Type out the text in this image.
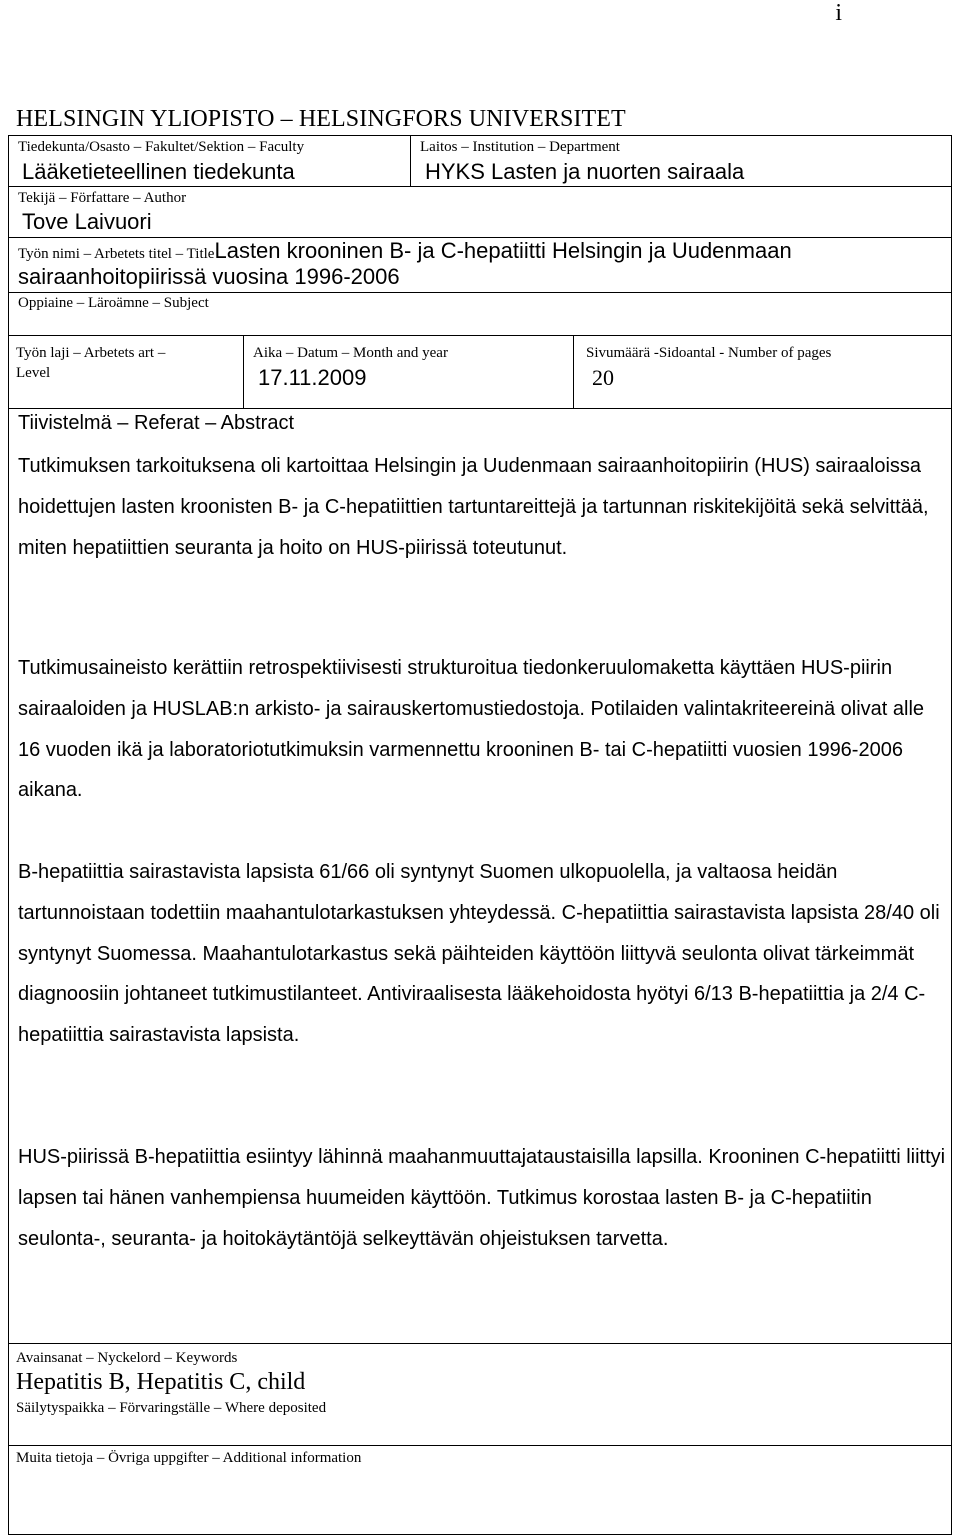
i
HELSINGIN YLIOPISTO – HELSINGFORS UNIVERSITET
Tiedekunta/Osasto – Fakultet/Sektion – Faculty
Lääketieteellinen tiedekunta
Laitos – Institution – Department
HYKS Lasten ja nuorten sairaala
Tekijä – Författare – Author
Tove Laivuori
Työn nimi – Arbetets titel – TitleLasten krooninen B- ja C-hepatiitti Helsingin ja Uudenmaan
sairaanhoitopiirissä vuosina 1996-2006
Oppiaine – Läroämne – Subject
Työn laji – Arbetets art –
Level
Aika – Datum – Month and year
17.11.2009
Sivumäärä -Sidoantal - Number of pages
20
Tiivistelmä – Referat – Abstract

Tutkimuksen tarkoituksena oli kartoittaa Helsingin ja Uudenmaan sairaanhoitopiirin (HUS) sairaaloissa hoidettujen lasten kroonisten B- ja C-hepatiittien tartuntareittejä ja tartunnan riskitekijöitä sekä selvittää, miten hepatiittien seuranta ja hoito on HUS-piirissä toteutunut.

Tutkimusaineisto kerättiin retrospektiivisesti strukturoitua tiedonkeruulomaketta käyttäen HUS-piirin sairaaloiden ja HUSLAB:n arkisto- ja sairauskertomustiedostoja. Potilaiden valintakriteereinä olivat alle 16 vuoden ikä ja laboratoriotutkimuksin varmennettu krooninen B- tai C-hepatiitti vuosien 1996-2006 aikana.

B-hepatiittia sairastavista lapsista 61/66 oli syntynyt Suomen ulkopuolella, ja valtaosa heidän tartunnoistaan todettiin maahantulotarkastuksen yhteydessä. C-hepatiittia sairastavista lapsista 28/40 oli syntynyt Suomessa. Maahantulotarkastus sekä päihteiden käyttöön liittyvä seulonta olivat tärkeimmät diagnoosiin johtaneet tutkimustilanteet. Antiviraalisesta lääkehoidosta hyötyi 6/13 B-hepatiittia ja 2/4 C-hepatiittia sairastavista lapsista.

HUS-piirissä B-hepatiittia esiintyy lähinnä maahanmuuttajataustaisilla lapsilla. Krooninen C-hepatiitti liittyi lapsen tai hänen vanhempiensa huumeiden käyttöön. Tutkimus korostaa lasten B- ja C-hepatiitin seulonta-, seuranta- ja hoitokäytäntöjä selkeyttävän ohjeistuksen tarvetta.

Avainsanat – Nyckelord – Keywords
Hepatitis B, Hepatitis C, child
Säilytyspaikka – Förvaringställe – Where deposited
Muita tietoja – Övriga uppgifter – Additional information
